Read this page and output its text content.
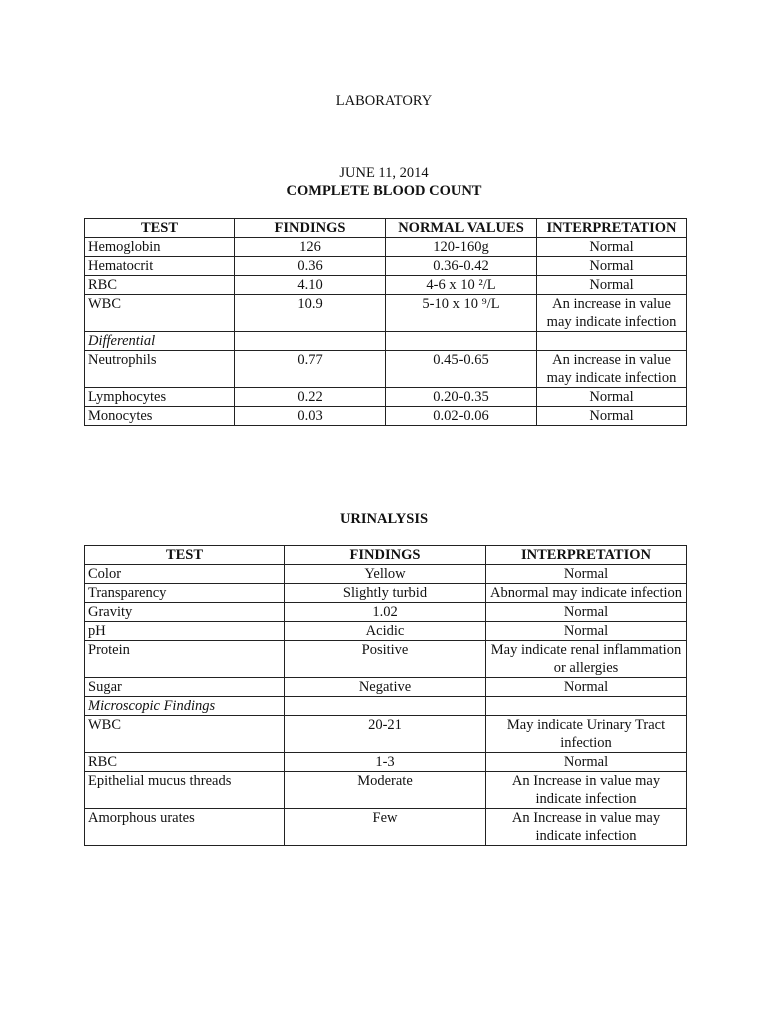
LABORATORY
JUNE 11, 2014
COMPLETE BLOOD COUNT
TEST	FINDINGS	NORMAL VALUES	INTERPRETATION
Hemoglobin	126	120-160g	Normal
Hematocrit	0.36	0.36-0.42	Normal
RBC	4.10	4-6 x 10 ²/L	Normal
WBC	10.9	5-10 x 10 ⁹/L	An increase in value may indicate infection
Differential			
Neutrophils	0.77	0.45-0.65	An increase in value may indicate infection
Lymphocytes	0.22	0.20-0.35	Normal
Monocytes	0.03	0.02-0.06	Normal
URINALYSIS
TEST	FINDINGS	INTERPRETATION
Color	Yellow	Normal
Transparency	Slightly turbid	Abnormal may indicate infection
Gravity	1.02	Normal
pH	Acidic	Normal
Protein	Positive	May indicate renal inflammation or allergies
Sugar	Negative	Normal
Microscopic Findings		
WBC	20-21	May indicate Urinary Tract infection
RBC	1-3	Normal
Epithelial mucus threads	Moderate	An Increase in value may indicate infection
Amorphous urates	Few	An Increase in value may indicate infection
